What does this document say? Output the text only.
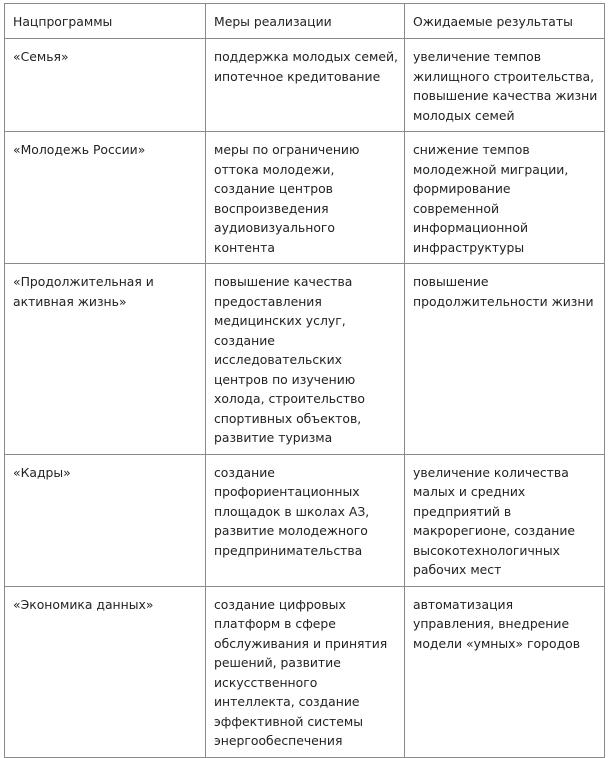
Нацпрограммы	Меры реализации	Ожидаемые результаты
«Семья»	поддержка молодых семей, ипотечное кредитование	увеличение темпов жилищного строительства, повышение качества жизни молодых семей
«Молодежь России»	меры по ограничению оттока молодежи, создание центров воспроизведения аудиовизуального контента	снижение темпов молодежной миграции, формирование современной информационной инфраструктуры
«Продолжительная и активная жизнь»	повышение качества предоставления медицинских услуг, создание исследовательских центров по изучению холода, строительство спортивных объектов, развитие туризма	повышение продолжительности жизни
«Кадры»	создание профориентационных площадок в школах АЗ, развитие молодежного предпринимательства	увеличение количества малых и средних предприятий в макрорегионе, создание высокотехнологичных рабочих мест
«Экономика данных»	создание цифровых платформ в сфере обслуживания и принятия решений, развитие искусственного интеллекта, создание эффективной системы энергообеспечения	автоматизация управления, внедрение модели «умных» городов
